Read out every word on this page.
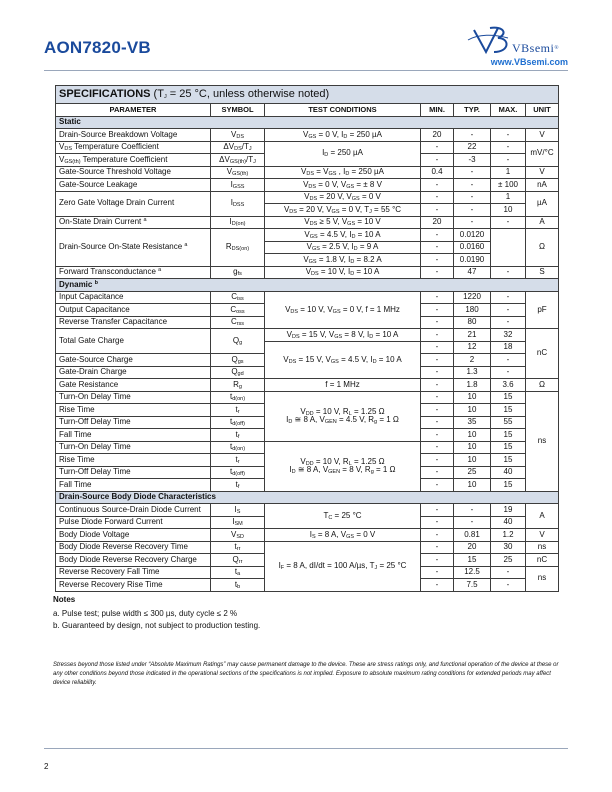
AON7820-VB	VBsemi®
www.VBsemi.com
SPECIFICATIONS ($T_J = 25$ °C, unless otherwise noted)						
PARAMETER	SYMBOL	TEST CONDITIONS	MIN.	TYP.	MAX.	UNIT
Static						
Drain-Source Breakdown Voltage	$V_{DS}$	$V_{GS} = 0$ V, $I_D = 250$ µA	20	-	-	V
$V_{DS}$ Temperature Coefficient	$\Delta V_{DS}/T_J$	$I_D = 250$ µA	-	22	-	mV/°C
$V_{GS(th)}$ Temperature Coefficient	$\Delta V_{GS(th)}/T_J$		-	-3	-	
Gate-Source Threshold Voltage	$V_{GS(th)}$	$V_{DS} = V_{GS}$ , $I_D = 250$ µA	0.4	-	1	V
Gate-Source Leakage	$I_{GSS}$	$V_{DS} = 0$ V, $V_{GS}$ = ± 8 V	-	-	± 100	nA
Zero Gate Voltage Drain Current	$I_{DSS}$	$V_{DS} = 20$ V, $V_{GS} = 0$ V	-	-	1	µA
		$V_{DS} = 20$ V, $V_{GS} = 0$ V, $T_J = 55$ °C	-	-	10	
On-State Drain Current $^a$	$I_{D(on)}$	$V_{DS} \ge 5$ V, $V_{GS} = 10$ V	20	-	-	A
Drain-Source On-State Resistance $^a$	$R_{DS(on)}$	$V_{GS} = 4.5$ V, $I_D = 10$ A	-	0.0120		Ω
		$V_{GS} = 2.5$ V, $I_D = 9$ A	-	0.0160		
		$V_{GS} = 1.8$ V, $I_D = 8.2$ A	-	0.0190		
Forward Transconductance $^a$	$g_{fs}$	$V_{DS} = 10$ V, $I_D = 10$ A	-	47	-	S
Dynamic $^b$
Input Capacitance	$C_{iss}$	$V_{DS} = 10$ V, $V_{GS} = 0$ V, f = 1 MHz	-	1220	-	pF
Output Capacitance	$C_{oss}$		-	180	-	
Reverse Transfer Capacitance	$C_{rss}$		-	80	-	
Total Gate Charge	$Q_g$	$V_{DS} = 15$ V, $V_{GS} = 8$ V, $I_D = 10$ A	-	21	32	nC
		$V_{DS} = 15$ V, $V_{GS} = 4.5$ V, $I_D = 10$ A	-	12	18	
Gate-Source Charge	$Q_{gs}$		-	2	-	
Gate-Drain Charge	$Q_{gd}$		-	1.3	-	
Gate Resistance	$R_g$	f = 1 MHz	-	1.8	3.6	Ω
Turn-On Delay Time	$t_{d(on)}$	$V_{DD} = 10$ V, $R_L = 1.25$ Ω
$I_D$ ≅ 8 A, $V_{GEN} = 4.5$ V, $R_g = 1$ Ω	-	10	15	ns
Rise Time	$t_r$		-	10	15	
Turn-Off Delay Time	$t_{d(off)}$		-	35	55	
Fall Time	$t_f$		-	10	15	
Turn-On Delay Time	$t_{d(on)}$	$V_{DD} = 10$ V, $R_L = 1.25$ Ω
$I_D$ ≅ 8 A, $V_{GEN} = 8$ V, $R_g = 1$ Ω	-	10	15	
Rise Time	$t_r$		-	10	15	
Turn-Off Delay Time	$t_{d(off)}$		-	25	40	
Fall Time	$t_f$		-	10	15	
Drain-Source Body Diode Characteristics						
Continuous Source-Drain Diode Current	$I_S$	$T_C = 25$ °C	-	-	19	A
Pulse Diode Forward Current	$I_{SM}$		-	-	40	
Body Diode Voltage	$V_{SD}$	$I_S = 8$ A, $V_{GS} = 0$ V	-	0.81	1.2	V
Body Diode Reverse Recovery Time	$t_{rr}$	$I_F = 8$ A, dI/dt = 100 A/µs, $T_J = 25$ °C	-	20	30	ns
Body Diode Reverse Recovery Charge	$Q_{rr}$		-	15	25	nC
Reverse Recovery Fall Time	$t_a$		-	12.5	-	ns
Reverse Recovery Rise Time	$t_b$		-	7.5	-	
Notes
a. Pulse test; pulse width ≤ 300 µs, duty cycle ≤ 2 %
b. Guaranteed by design, not subject to production testing.
Stresses beyond those listed under “Absolute Maximum Ratings” may cause permanent damage to the device. These are stress ratings only, and functional operation of the device at these or any other conditions beyond those indicated in the operational sections of the specifications is not implied. Exposure to absolute maximum rating conditions for extended periods may affect device reliability.
2
